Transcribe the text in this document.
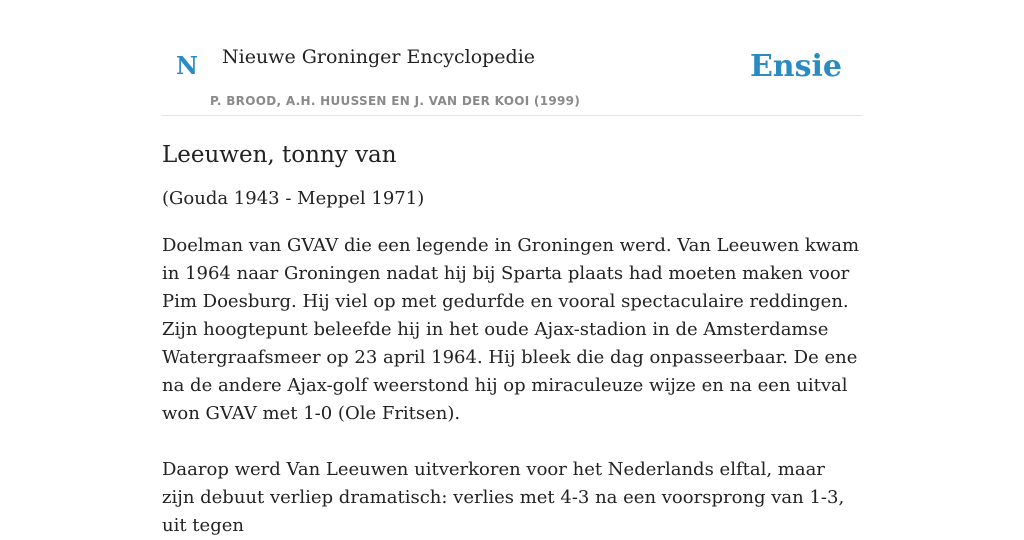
N Nieuwe Groninger Encyclopedie
P. BROOD, A.H. HUUSSEN EN J. VAN DER KOOI (1999)
Ensie
Leeuwen, tonny van

(Gouda 1943 - Meppel 1971)

Doelman van GVAV die een legende in Groningen werd. Van Leeuwen kwam in 1964 naar Groningen nadat hij bij Sparta plaats had moeten maken voor Pim Doesburg. Hij viel op met gedurfde en vooral spectaculaire reddingen. Zijn hoogtepunt beleefde hij in het oude Ajax-stadion in de Amsterdamse Watergraafsmeer op 23 april 1964. Hij bleek die dag onpasseerbaar. De ene na de andere Ajax-golf weerstond hij op miraculeuze wijze en na een uitval won GVAV met 1-0 (Ole Fritsen).

Daarop werd Van Leeuwen uitverkoren voor het Nederlands elftal, maar zijn debuut verliep dramatisch: verlies met 4-3 na een voorsprong van 1-3, uit tegen
